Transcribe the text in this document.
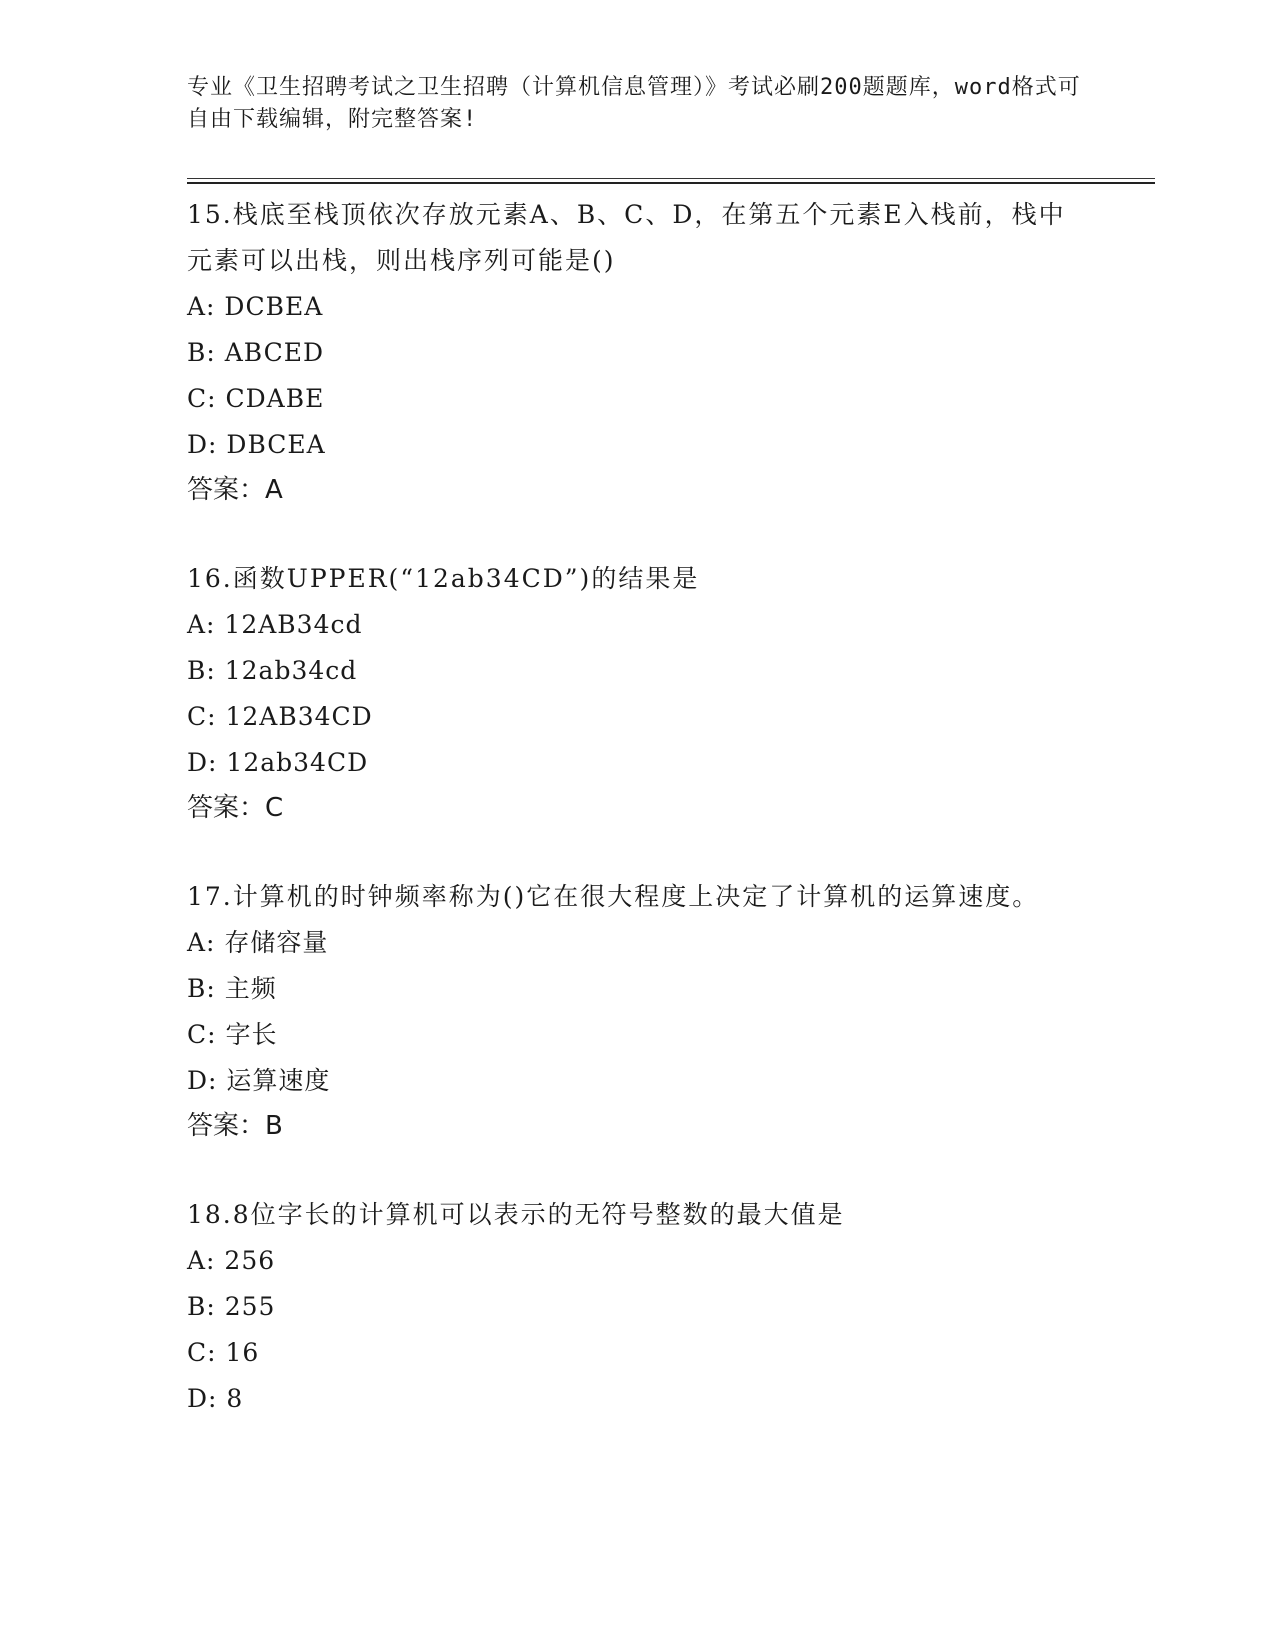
专业《卫生招聘考试之卫生招聘（计算机信息管理）》考试必刷200题题库，word格式可自由下载编辑，附完整答案!

15.栈底至栈顶依次存放元素A、B、C、D，在第五个元素E入栈前，栈中元素可以出栈，则出栈序列可能是()

A: DCBEA

B: ABCED

C: CDABE

D: DBCEA

答案：A

16.函数UPPER(“12ab34CD”)的结果是

A: 12AB34cd

B: 12ab34cd

C: 12AB34CD

D: 12ab34CD

答案：C

17.计算机的时钟频率称为()它在很大程度上决定了计算机的运算速度。

A: 存储容量

B: 主频

C: 字长

D: 运算速度

答案：B

18.8位字长的计算机可以表示的无符号整数的最大值是

A: 256

B: 255

C: 16

D: 8
